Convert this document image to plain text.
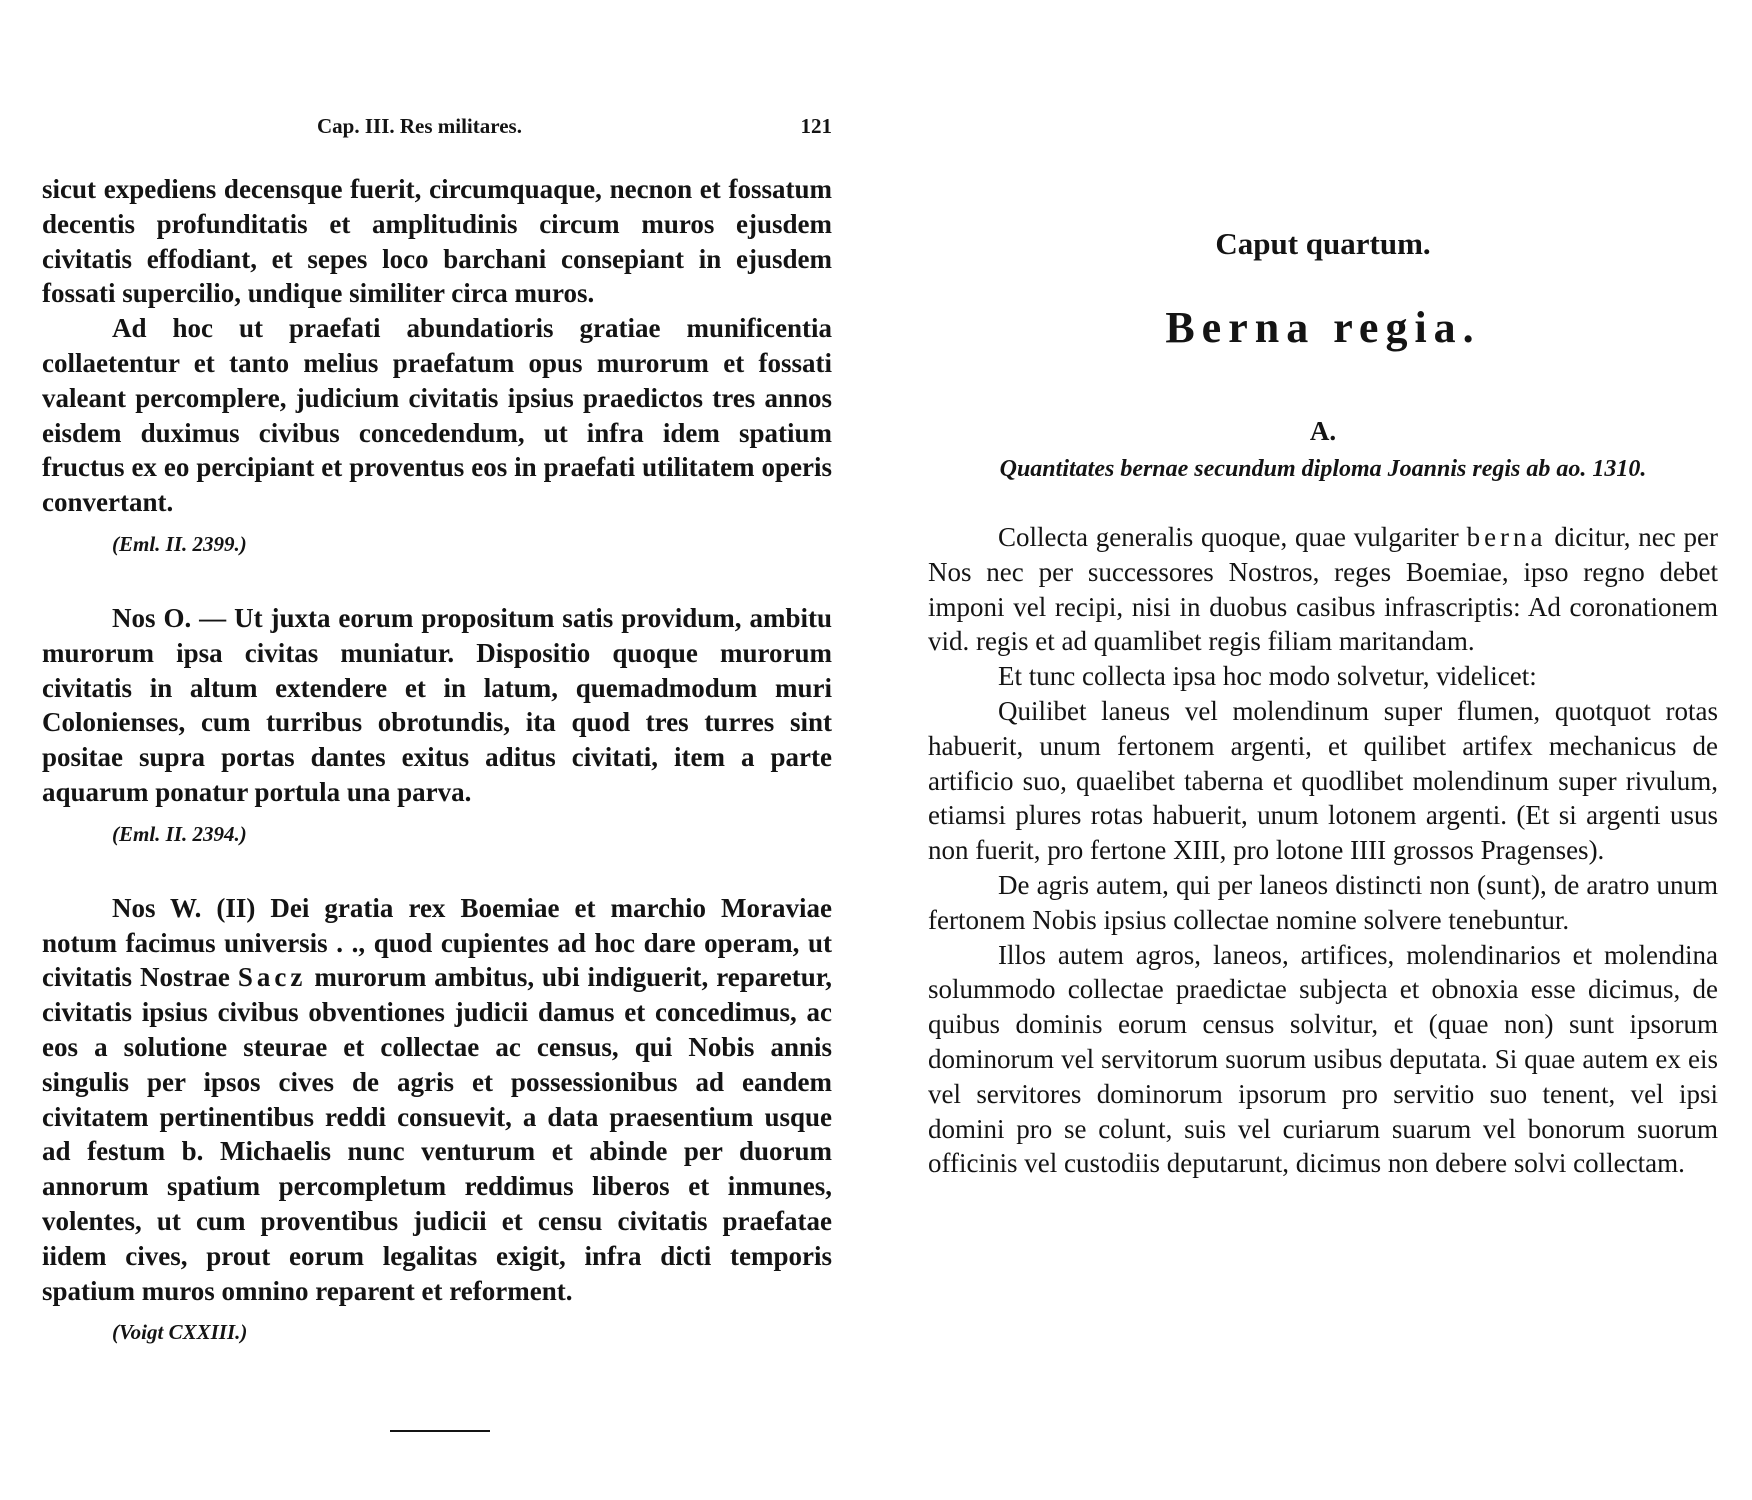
Cap. III. Res militares.	121

sicut expediens decensque fuerit, circumquaque, necnon et fossatum decentis profunditatis et amplitudinis circum muros ejusdem civitatis effodiant, et sepes loco barchani consepiant in ejusdem fossati supercilio, undique similiter circa muros.

Ad hoc ut praefati abundatioris gratiae munificentia collaetentur et tanto melius praefatum opus murorum et fossati valeant percomplere, judicium civitatis ipsius praedictos tres annos eisdem duximus civibus concedendum, ut infra idem spatium fructus ex eo percipiant et proventus eos in praefati utilitatem operis convertant.

(Eml. II. 2399.)

Nos O. — Ut juxta eorum propositum satis providum, ambitu murorum ipsa civitas muniatur. Dispositio quoque murorum civitatis in altum extendere et in latum, quemadmodum muri Colonienses, cum turribus obrotundis, ita quod tres turres sint positae supra portas dantes exitus aditus civitati, item a parte aquarum ponatur portula una parva.

(Eml. II. 2394.)

Nos W. (II) Dei gratia rex Boemiae et marchio Moraviae notum facimus universis . ., quod cupientes ad hoc dare operam, ut civitatis Nostrae Sacz murorum ambitus, ubi indiguerit, reparetur, civitatis ipsius civibus obventiones judicii damus et concedimus, ac eos a solutione steurae et collectae ac census, qui Nobis annis singulis per ipsos cives de agris et possessionibus ad eandem civitatem pertinentibus reddi consuevit, a data praesentium usque ad festum b. Michaelis nunc venturum et abinde per duorum annorum spatium percompletum reddimus liberos et inmunes, volentes, ut cum proventibus judicii et censu civitatis praefatae iidem cives, prout eorum legalitas exigit, infra dicti temporis spatium muros omnino reparent et reforment.

(Voigt CXXIII.)
Caput quartum.
Berna regia.
A.
Quantitates bernae secundum diploma Joannis regis ab ao. 1310.

Collecta generalis quoque, quae vulgariter berna dicitur, nec per Nos nec per successores Nostros, reges Boemiae, ipso regno debet imponi vel recipi, nisi in duobus casibus infrascriptis: Ad coronationem vid. regis et ad quamlibet regis filiam maritandam.

Et tunc collecta ipsa hoc modo solvetur, videlicet:

Quilibet laneus vel molendinum super flumen, quotquot rotas habuerit, unum fertonem argenti, et quilibet artifex mechanicus de artificio suo, quaelibet taberna et quodlibet molendinum super rivulum, etiamsi plures rotas habuerit, unum lotonem argenti. (Et si argenti usus non fuerit, pro fertone XIII, pro lotone IIII grossos Pragenses).

De agris autem, qui per laneos distincti non (sunt), de aratro unum fertonem Nobis ipsius collectae nomine solvere tenebuntur.

Illos autem agros, laneos, artifices, molendinarios et molendina solummodo collectae praedictae subjecta et obnoxia esse dicimus, de quibus dominis eorum census solvitur, et (quae non) sunt ipsorum dominorum vel servitorum suorum usibus deputata. Si quae autem ex eis vel servitores dominorum ipsorum pro servitio suo tenent, vel ipsi domini pro se colunt, suis vel curiarum suarum vel bonorum suorum officinis vel custodiis deputarunt, dicimus non debere solvi collectam.
